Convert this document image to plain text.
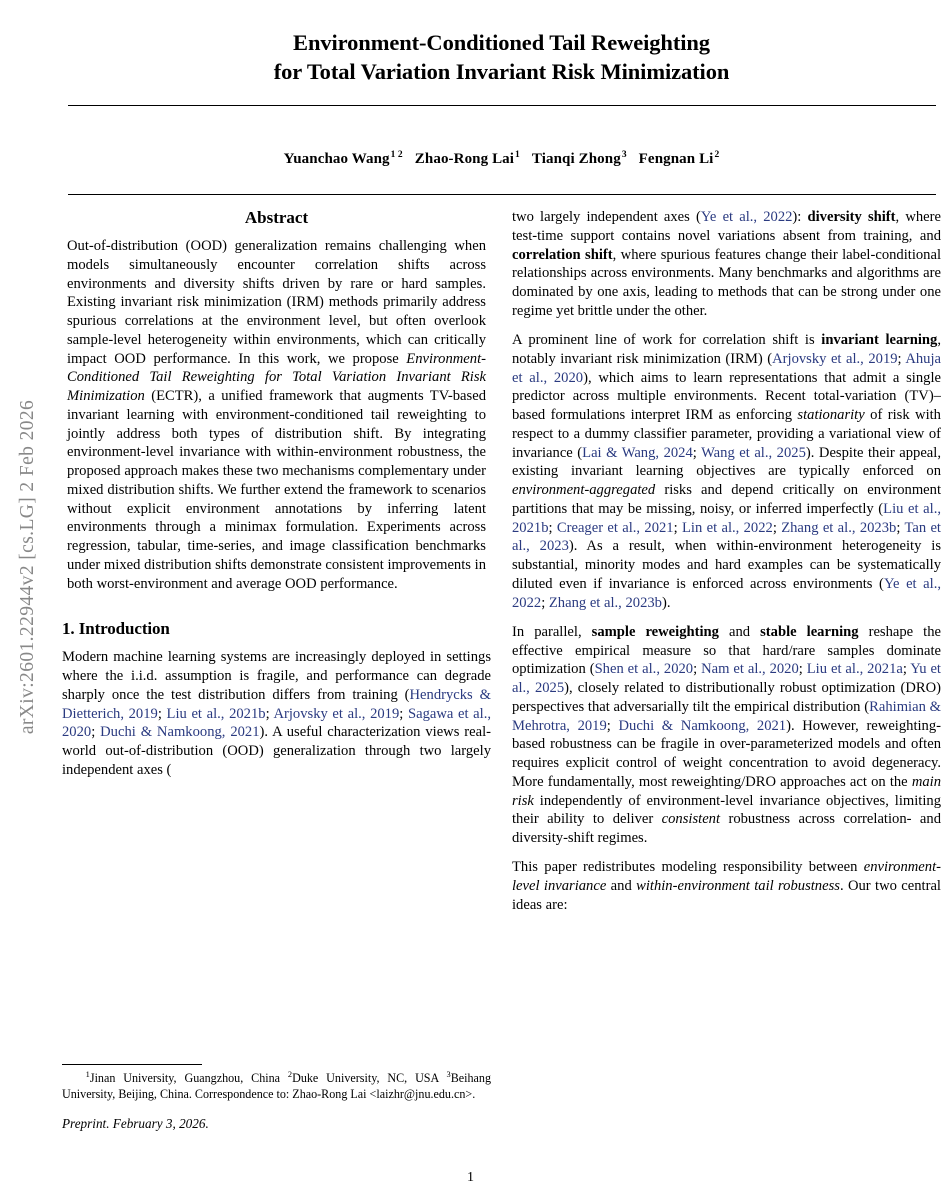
arXiv:2601.22944v2 [cs.LG] 2 Feb 2026
Environment-Conditioned Tail Reweighting
for Total Variation Invariant Risk Minimization
Yuanchao Wang$^{1 2}$ Zhao-Rong Lai$^1$ Tianqi Zhong$^3$ Fengnan Li$^2$
Abstract
Out-of-distribution (OOD) generalization remains challenging when models simultaneously encounter correlation shifts across environments and diversity shifts driven by rare or hard samples. Existing invariant risk minimization (IRM) methods primarily address spurious correlations at the environment level, but often overlook sample-level heterogeneity within environments, which can critically impact OOD performance. In this work, we propose Environment-Conditioned Tail Reweighting for Total Variation Invariant Risk Minimization (ECTR), a unified framework that augments TV-based invariant learning with environment-conditioned tail reweighting to jointly address both types of distribution shift. By integrating environment-level invariance with within-environment robustness, the proposed approach makes these two mechanisms complementary under mixed distribution shifts. We further extend the framework to scenarios without explicit environment annotations by inferring latent environments through a minimax formulation. Experiments across regression, tabular, time-series, and image classification benchmarks under mixed distribution shifts demonstrate consistent improvements in both worst-environment and average OOD performance.
1. Introduction

Modern machine learning systems are increasingly deployed in settings where the i.i.d. assumption is fragile, and performance can degrade sharply once the test distribution differs from training (Hendrycks & Dietterich, 2019; Liu et al., 2021b; Arjovsky et al., 2019; Sagawa et al., 2020; Duchi & Namkoong, 2021). A useful characterization views real-world out-of-distribution (OOD) generalization through two largely independent axes (

$^1$Jinan University, Guangzhou, China $^2$Duke University, NC, USA $^3$Beihang University, Beijing, China. Correspondence to: Zhao-Rong Lai <laizhr@jnu.edu.cn>.

Preprint. February 3, 2026.

two largely independent axes (Ye et al., 2022): diversity shift, where test-time support contains novel variations absent from training, and correlation shift, where spurious features change their label-conditional relationships across environments. Many benchmarks and algorithms are dominated by one axis, leading to methods that can be strong under one regime yet brittle under the other.

A prominent line of work for correlation shift is invariant learning, notably invariant risk minimization (IRM) (Arjovsky et al., 2019; Ahuja et al., 2020), which aims to learn representations that admit a single predictor across multiple environments. Recent total-variation (TV)–based formulations interpret IRM as enforcing stationarity of risk with respect to a dummy classifier parameter, providing a variational view of invariance (Lai & Wang, 2024; Wang et al., 2025). Despite their appeal, existing invariant learning objectives are typically enforced on environment-aggregated risks and depend critically on environment partitions that may be missing, noisy, or inferred imperfectly (Liu et al., 2021b; Creager et al., 2021; Lin et al., 2022; Zhang et al., 2023b; Tan et al., 2023). As a result, when within-environment heterogeneity is substantial, minority modes and hard examples can be systematically diluted even if invariance is enforced across environments (Ye et al., 2022; Zhang et al., 2023b).

In parallel, sample reweighting and stable learning reshape the effective empirical measure so that hard/rare samples dominate optimization (Shen et al., 2020; Nam et al., 2020; Liu et al., 2021a; Yu et al., 2025), closely related to distributionally robust optimization (DRO) perspectives that adversarially tilt the empirical distribution (Rahimian & Mehrotra, 2019; Duchi & Namkoong, 2021). However, reweighting-based robustness can be fragile in over-parameterized models and often requires explicit control of weight concentration to avoid degeneracy. More fundamentally, most reweighting/DRO approaches act on the main risk independently of environment-level invariance objectives, limiting their ability to deliver consistent robustness across correlation- and diversity-shift regimes.

This paper redistributes modeling responsibility between environment-level invariance and within-environment tail robustness. Our two central ideas are:

1
